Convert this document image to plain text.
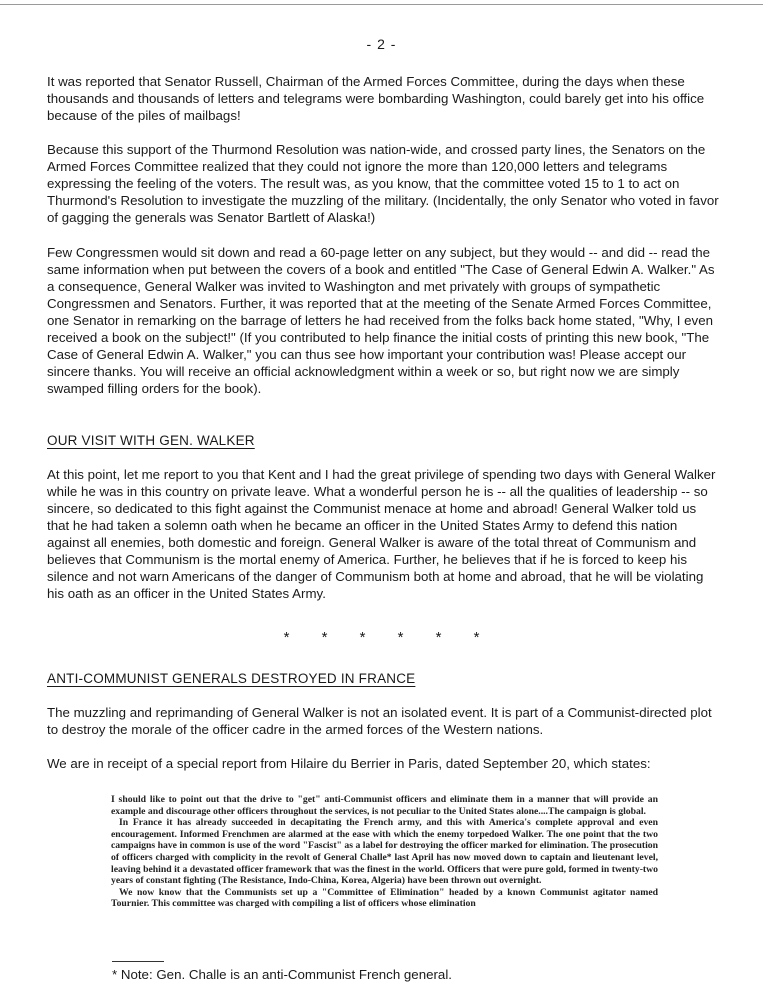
- 2 -

It was reported that Senator Russell, Chairman of the Armed Forces Committee, during the days when these thousands and thousands of letters and telegrams were bombarding Washington, could barely get into his office because of the piles of mailbags!

Because this support of the Thurmond Resolution was nation-wide, and crossed party lines, the Senators on the Armed Forces Committee realized that they could not ignore the more than 120,000 letters and telegrams expressing the feeling of the voters. The result was, as you know, that the committee voted 15 to 1 to act on Thurmond's Resolution to investigate the muzzling of the military. (Incidentally, the only Senator who voted in favor of gagging the generals was Senator Bartlett of Alaska!)

Few Congressmen would sit down and read a 60-page letter on any subject, but they would -- and did -- read the same information when put between the covers of a book and entitled "The Case of General Edwin A. Walker." As a consequence, General Walker was invited to Washington and met privately with groups of sympathetic Congressmen and Senators. Further, it was reported that at the meeting of the Senate Armed Forces Committee, one Senator in remarking on the barrage of letters he had received from the folks back home stated, "Why, I even received a book on the subject!" (If you contributed to help finance the initial costs of printing this new book, "The Case of General Edwin A. Walker," you can thus see how important your contribution was! Please accept our sincere thanks. You will receive an official acknowledgment within a week or so, but right now we are simply swamped filling orders for the book).

OUR VISIT WITH GEN. WALKER

At this point, let me report to you that Kent and I had the great privilege of spending two days with General Walker while he was in this country on private leave. What a wonderful person he is -- all the qualities of leadership -- so sincere, so dedicated to this fight against the Communist menace at home and abroad! General Walker told us that he had taken a solemn oath when he became an officer in the United States Army to defend this nation against all enemies, both domestic and foreign. General Walker is aware of the total threat of Communism and believes that Communism is the mortal enemy of America. Further, he believes that if he is forced to keep his silence and not warn Americans of the danger of Communism both at home and abroad, that he will be violating his oath as an officer in the United States Army.

* * * * * *
ANTI-COMMUNIST GENERALS DESTROYED IN FRANCE

The muzzling and reprimanding of General Walker is not an isolated event. It is part of a Communist-directed plot to destroy the morale of the officer cadre in the armed forces of the Western nations.

We are in receipt of a special report from Hilaire du Berrier in Paris, dated September 20, which states:

I should like to point out that the drive to "get" anti-Communist officers and eliminate them in a manner that will provide an example and discourage other officers throughout the services, is not peculiar to the United States alone....The campaign is global.

In France it has already succeeded in decapitating the French army, and this with America's complete approval and even encouragement. Informed Frenchmen are alarmed at the ease with which the enemy torpedoed Walker. The one point that the two campaigns have in common is use of the word "Fascist" as a label for destroying the officer marked for elimination. The prosecution of officers charged with complicity in the revolt of General Challe* last April has now moved down to captain and lieutenant level, leaving behind it a devastated officer framework that was the finest in the world. Officers that were pure gold, formed in twenty-two years of constant fighting (The Resistance, Indo-China, Korea, Algeria) have been thrown out overnight.

We now know that the Communists set up a "Committee of Elimination" headed by a known Communist agitator named Tournier. This committee was charged with compiling a list of officers whose elimination

* Note: Gen. Challe is an anti-Communist French general.
